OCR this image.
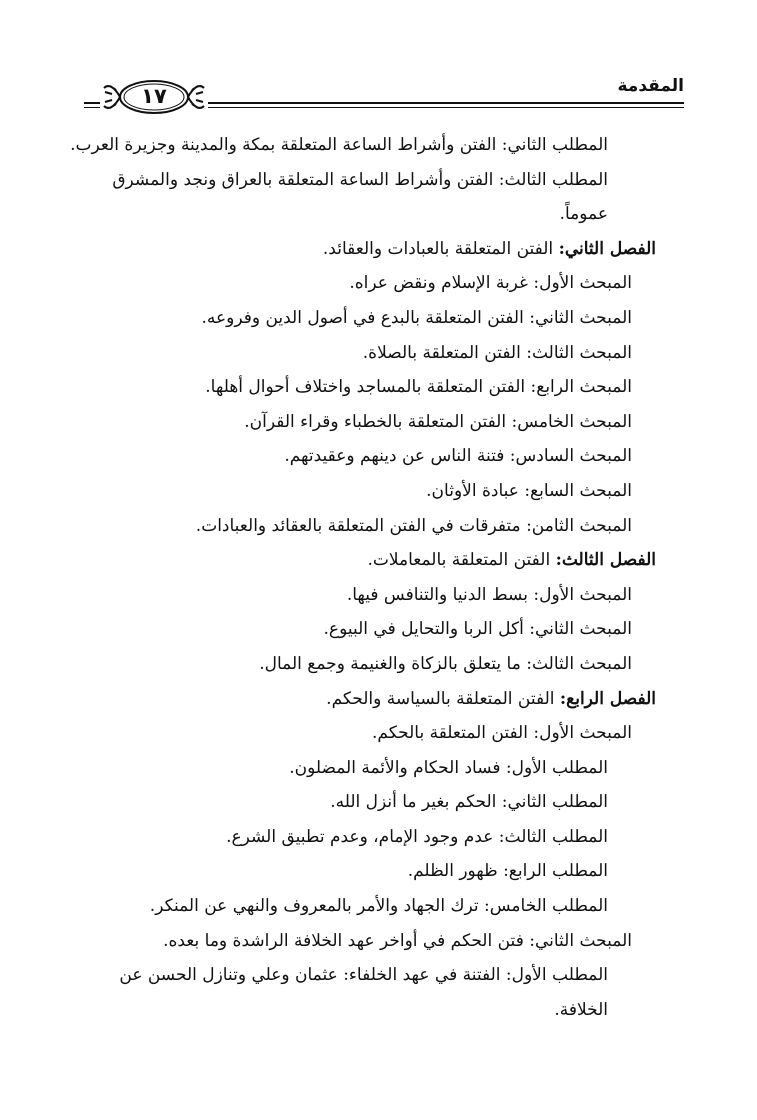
المقدمة
١٧
المطلب الثاني: الفتن وأشراط الساعة المتعلقة بمكة والمدينة وجزيرة العرب.
المطلب الثالث: الفتن وأشراط الساعة المتعلقة بالعراق ونجد والمشرق عموماً.
الفصل الثاني: الفتن المتعلقة بالعبادات والعقائد.
المبحث الأول: غربة الإسلام ونقض عراه.
المبحث الثاني: الفتن المتعلقة بالبدع في أصول الدين وفروعه.
المبحث الثالث: الفتن المتعلقة بالصلاة.
المبحث الرابع: الفتن المتعلقة بالمساجد واختلاف أحوال أهلها.
المبحث الخامس: الفتن المتعلقة بالخطباء وقراء القرآن.
المبحث السادس: فتنة الناس عن دينهم وعقيدتهم.
المبحث السابع: عبادة الأوثان.
المبحث الثامن: متفرقات في الفتن المتعلقة بالعقائد والعبادات.
الفصل الثالث: الفتن المتعلقة بالمعاملات.
المبحث الأول: بسط الدنيا والتنافس فيها.
المبحث الثاني: أكل الربا والتحايل في البيوع.
المبحث الثالث: ما يتعلق بالزكاة والغنيمة وجمع المال.
الفصل الرابع: الفتن المتعلقة بالسياسة والحكم.
المبحث الأول: الفتن المتعلقة بالحكم.
المطلب الأول: فساد الحكام والأئمة المضلون.
المطلب الثاني: الحكم بغير ما أنزل الله.
المطلب الثالث: عدم وجود الإمام، وعدم تطبيق الشرع.
المطلب الرابع: ظهور الظلم.
المطلب الخامس: ترك الجهاد والأمر بالمعروف والنهي عن المنكر.
المبحث الثاني: فتن الحكم في أواخر عهد الخلافة الراشدة وما بعده.
المطلب الأول: الفتنة في عهد الخلفاء: عثمان وعلي وتنازل الحسن عن الخلافة.
